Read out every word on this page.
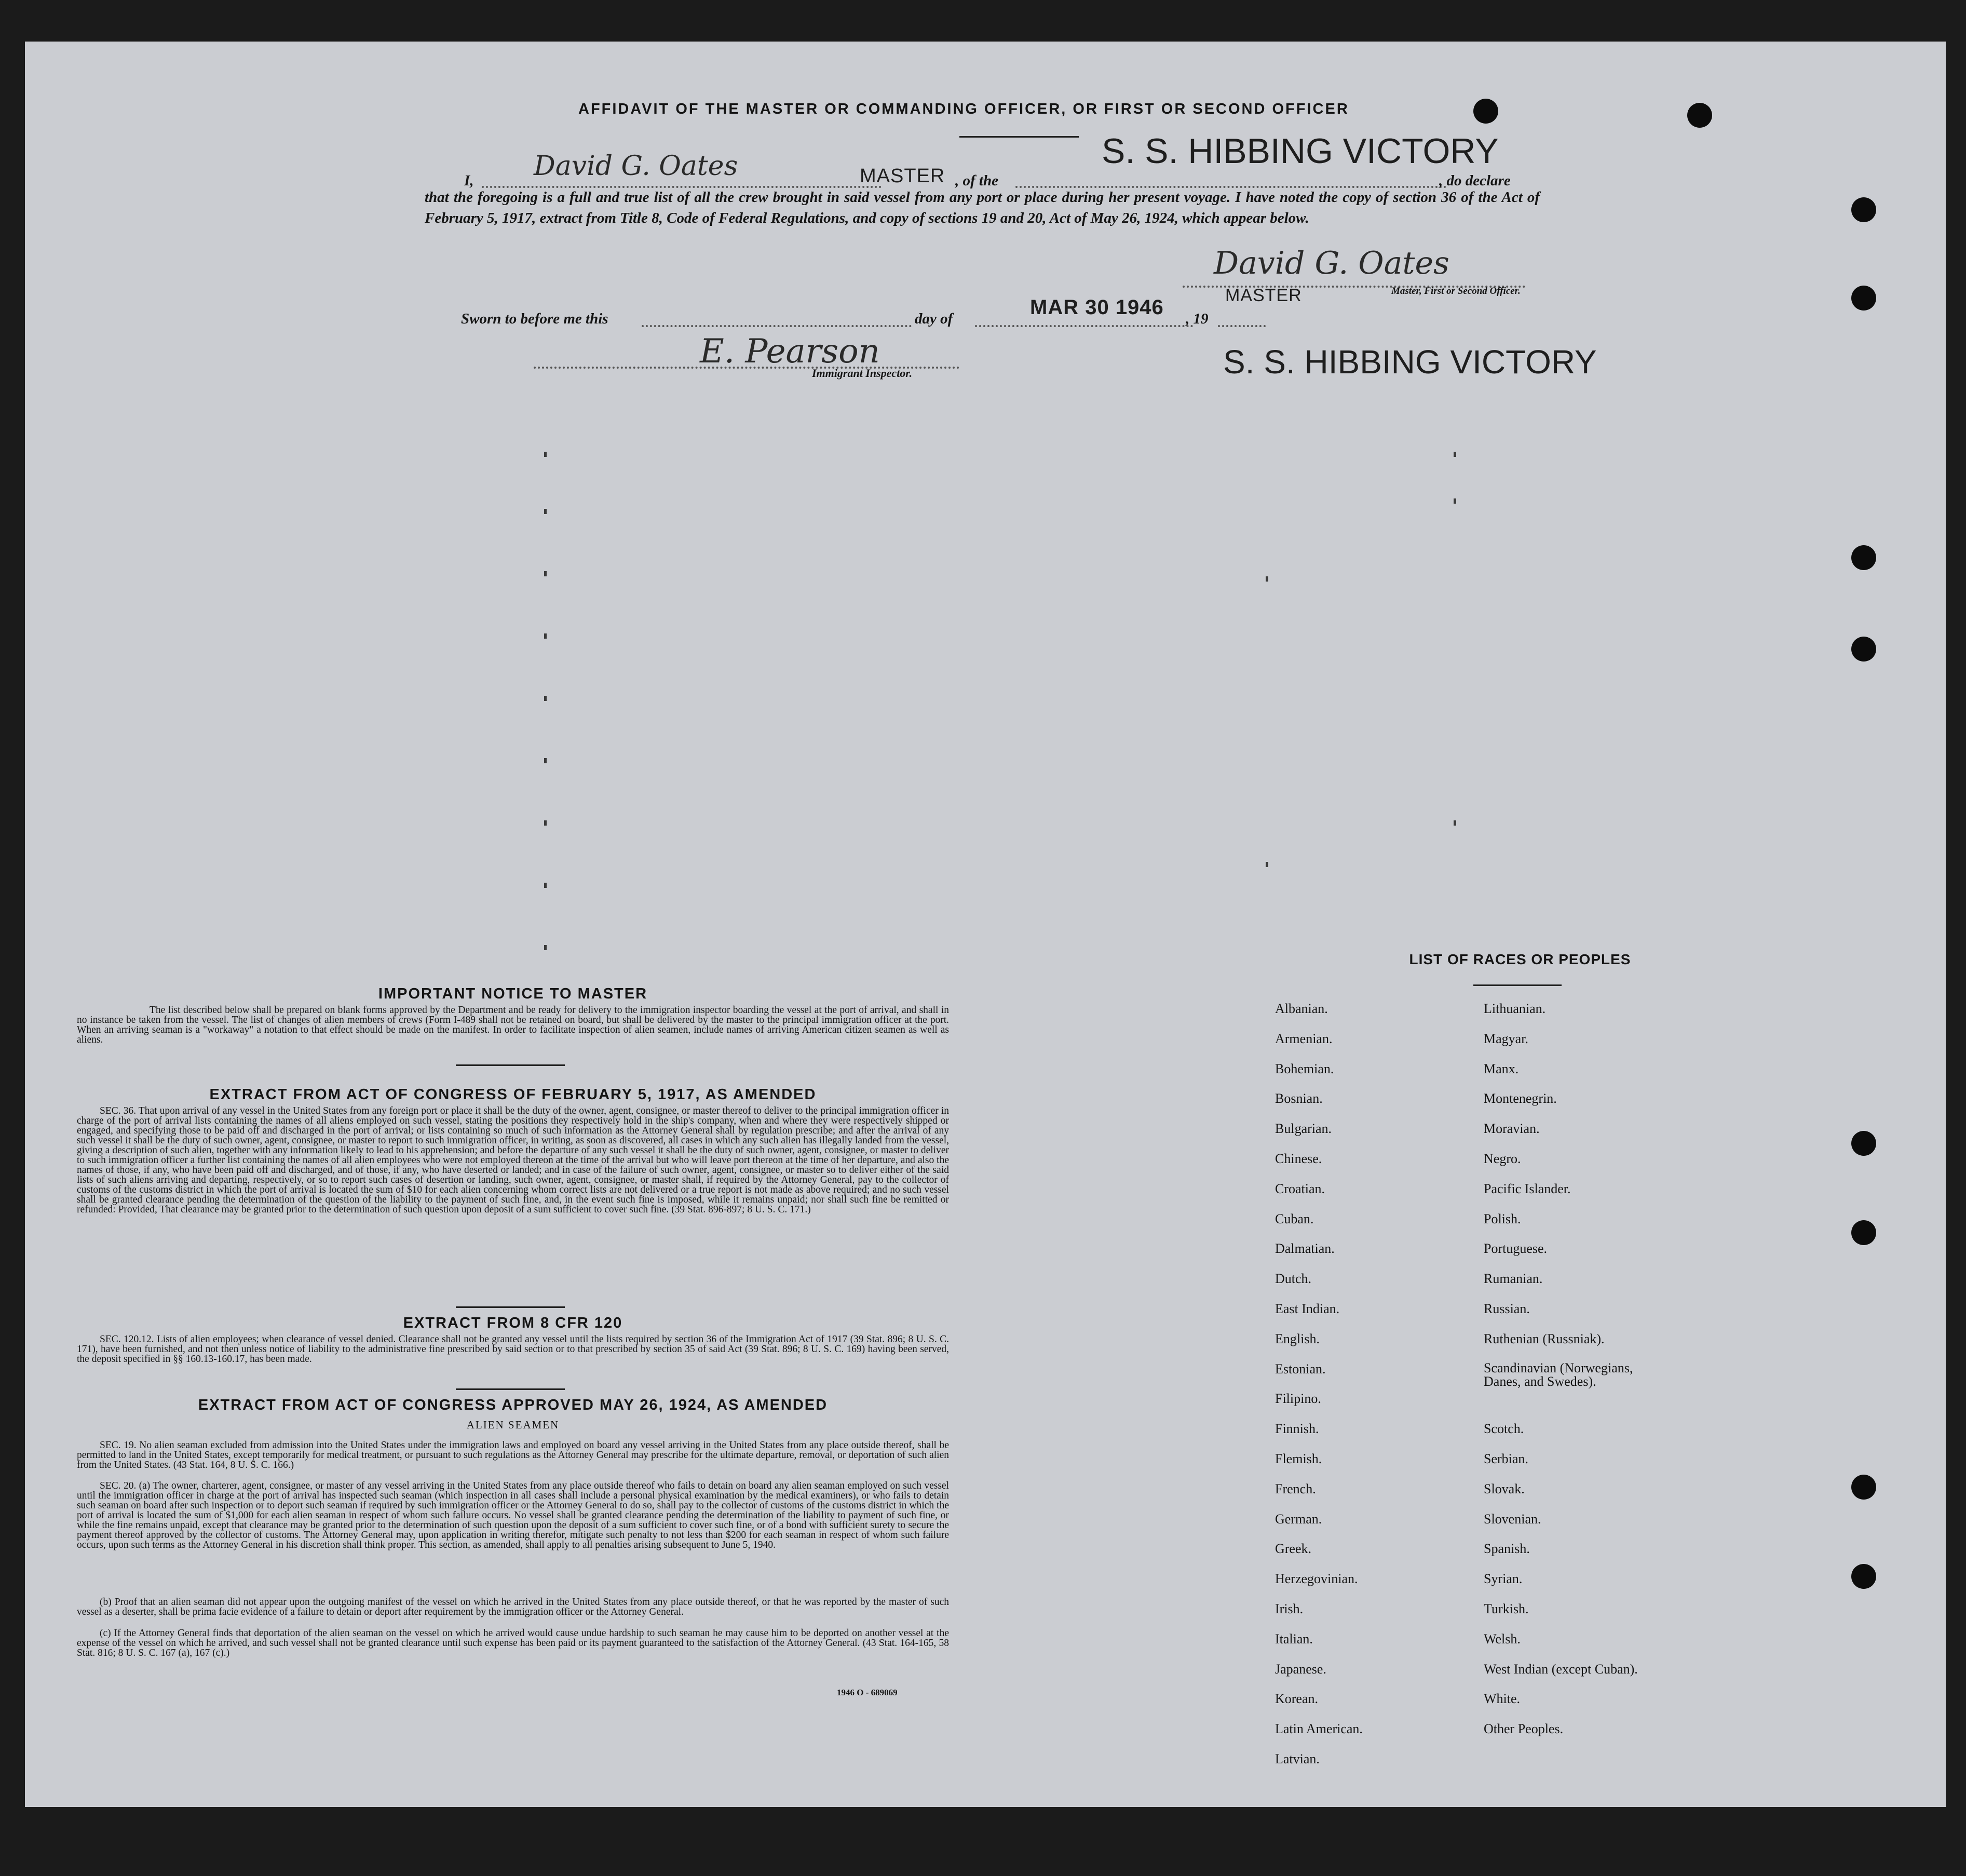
AFFIDAVIT OF THE MASTER OR COMMANDING OFFICER, OR FIRST OR SECOND OFFICER
I, David G. Oates	MASTER , of the
S. S. HIBBING VICTORY
, do declare
that the foregoing is a full and true list of all the crew brought in said vessel from any port or place during her present voyage. I have noted the copy of section 36 of the Act of February 5, 1917, extract from Title 8, Code of Federal Regulations, and copy of sections 19 and 20, Act of May 26, 1924, which appear below.
David G. Oates
MASTER	Master, First or Second Officer.
Sworn to before me this	day of	MAR 30 1946 , 19
E. Pearson
Immigrant Inspector.	S. S. HIBBING VICTORY
IMPORTANT NOTICE TO MASTER
The list described below shall be prepared on blank forms approved by the Department and be ready for delivery to the immigration inspector boarding the vessel at the port of arrival, and shall in no instance be taken from the vessel. The list of changes of alien members of crews (Form I-489 shall not be retained on board, but shall be delivered by the master to the principal immigration officer at the port. When an arriving seaman is a "workaway" a notation to that effect should be made on the manifest. In order to facilitate inspection of alien seamen, include names of arriving American citizen seamen as well as aliens.
EXTRACT FROM ACT OF CONGRESS OF FEBRUARY 5, 1917, AS AMENDED
SEC. 36. That upon arrival of any vessel in the United States from any foreign port or place it shall be the duty of the owner, agent, consignee, or master thereof to deliver to the principal immigration officer in charge of the port of arrival lists containing the names of all aliens employed on such vessel, stating the positions they respectively hold in the ship's company, when and where they were respectively shipped or engaged, and specifying those to be paid off and discharged in the port of arrival; or lists containing so much of such information as the Attorney General shall by regulation prescribe; and after the arrival of any such vessel it shall be the duty of such owner, agent, consignee, or master to report to such immigration officer, in writing, as soon as discovered, all cases in which any such alien has illegally landed from the vessel, giving a description of such alien, together with any information likely to lead to his apprehension; and before the departure of any such vessel it shall be the duty of such owner, agent, consignee, or master to deliver to such immigration officer a further list containing the names of all alien employees who were not employed thereon at the time of the arrival but who will leave port thereon at the time of her departure, and also the names of those, if any, who have been paid off and discharged, and of those, if any, who have deserted or landed; and in case of the failure of such owner, agent, consignee, or master so to deliver either of the said lists of such aliens arriving and departing, respectively, or so to report such cases of desertion or landing, such owner, agent, consignee, or master shall, if required by the Attorney General, pay to the collector of customs of the customs district in which the port of arrival is located the sum of $10 for each alien concerning whom correct lists are not delivered or a true report is not made as above required; and no such vessel shall be granted clearance pending the determination of the question of the liability to the payment of such fine, and, in the event such fine is imposed, while it remains unpaid; nor shall such fine be remitted or refunded: Provided, That clearance may be granted prior to the determination of such question upon deposit of a sum sufficient to cover such fine. (39 Stat. 896-897; 8 U. S. C. 171.)
EXTRACT FROM 8 CFR 120
SEC. 120.12. Lists of alien employees; when clearance of vessel denied. Clearance shall not be granted any vessel until the lists required by section 36 of the Immigration Act of 1917 (39 Stat. 896; 8 U. S. C. 171), have been furnished, and not then unless notice of liability to the administrative fine prescribed by said section or to that prescribed by section 35 of said Act (39 Stat. 896; 8 U. S. C. 169) having been served, the deposit specified in §§ 160.13-160.17, has been made.
EXTRACT FROM ACT OF CONGRESS APPROVED MAY 26, 1924, AS AMENDED
ALIEN SEAMEN
SEC. 19. No alien seaman excluded from admission into the United States under the immigration laws and employed on board any vessel arriving in the United States from any place outside thereof, shall be permitted to land in the United States, except temporarily for medical treatment, or pursuant to such regulations as the Attorney General may prescribe for the ultimate departure, removal, or deportation of such alien from the United States. (43 Stat. 164, 8 U. S. C. 166.)
SEC. 20. (a) The owner, charterer, agent, consignee, or master of any vessel arriving in the United States from any place outside thereof who fails to detain on board any alien seaman employed on such vessel until the immigration officer in charge at the port of arrival has inspected such seaman (which inspection in all cases shall include a personal physical examination by the medical examiners), or who fails to detain such seaman on board after such inspection or to deport such seaman if required by such immigration officer or the Attorney General to do so, shall pay to the collector of customs of the customs district in which the port of arrival is located the sum of $1,000 for each alien seaman in respect of whom such failure occurs. No vessel shall be granted clearance pending the determination of the liability to payment of such fine, or while the fine remains unpaid, except that clearance may be granted prior to the determination of such question upon the deposit of a sum sufficient to cover such fine, or of a bond with sufficient surety to secure the payment thereof approved by the collector of customs. The Attorney General may, upon application in writing therefor, mitigate such penalty to not less than $200 for each seaman in respect of whom such failure occurs, upon such terms as the Attorney General in his discretion shall think proper. This section, as amended, shall apply to all penalties arising subsequent to June 5, 1940.
(b) Proof that an alien seaman did not appear upon the outgoing manifest of the vessel on which he arrived in the United States from any place outside thereof, or that he was reported by the master of such vessel as a deserter, shall be prima facie evidence of a failure to detain or deport after requirement by the immigration officer or the Attorney General.
(c) If the Attorney General finds that deportation of the alien seaman on the vessel on which he arrived would cause undue hardship to such seaman he may cause him to be deported on another vessel at the expense of the vessel on which he arrived, and such vessel shall not be granted clearance until such expense has been paid or its payment guaranteed to the satisfaction of the Attorney General. (43 Stat. 164-165, 58 Stat. 816; 8 U. S. C. 167 (a), 167 (c).)
1946 O - 689069
LIST OF RACES OR PEOPLES
Albanian.
Armenian.
Bohemian.
Bosnian.
Bulgarian.
Chinese.
Croatian.
Cuban.
Dalmatian.
Dutch.
East Indian.
English.
Estonian.
Filipino.
Finnish.
Flemish.
French.
German.
Greek.
Herzegovinian.
Irish.
Italian.
Japanese.
Korean.
Latin American.
Latvian.
Lithuanian.
Magyar.
Manx.
Montenegrin.
Moravian.
Negro.
Pacific Islander.
Polish.
Portuguese.
Rumanian.
Russian.
Ruthenian (Russniak).
Scandinavian (Norwegians, Danes, and Swedes).
Scotch.
Serbian.
Slovak.
Slovenian.
Spanish.
Syrian.
Turkish.
Welsh.
West Indian (except Cuban).
White.
Other Peoples.
